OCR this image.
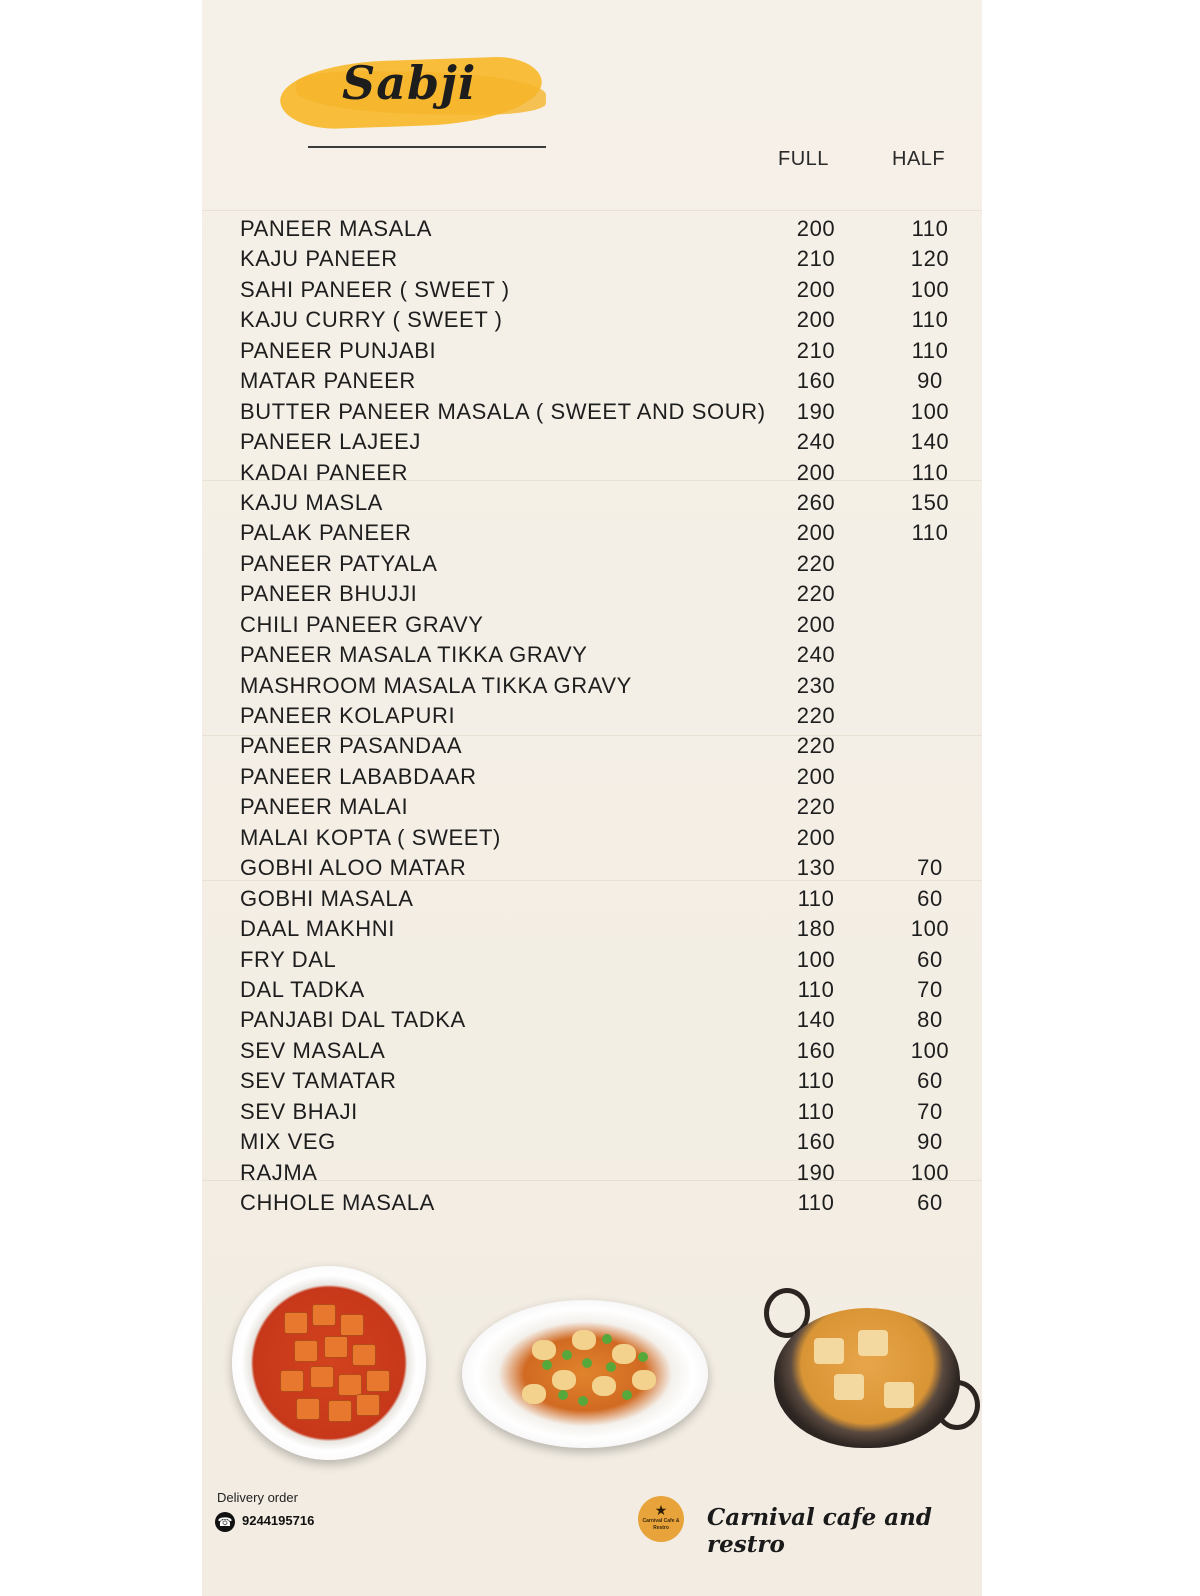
Sabji
FULL	HALF
PANEER MASALA	200	110
KAJU PANEER	210	120
SAHI PANEER ( SWEET )	200	100
KAJU CURRY ( SWEET )	200	110
PANEER PUNJABI	210	110
MATAR PANEER	160	90
BUTTER PANEER MASALA ( SWEET AND SOUR)	190	100
PANEER LAJEEJ	240	140
KADAI PANEER	200	110
KAJU MASLA	260	150
PALAK PANEER	200	110
PANEER PATYALA	220
PANEER BHUJJI	220
CHILI PANEER GRAVY	200
PANEER MASALA TIKKA GRAVY	240
MASHROOM MASALA TIKKA GRAVY	230
PANEER KOLAPURI	220
PANEER PASANDAA	220
PANEER LABABDAAR	200
PANEER MALAI	220
MALAI KOPTA ( SWEET)	200
GOBHI ALOO MATAR	130	70
GOBHI MASALA	110	60
DAAL MAKHNI	180	100
FRY DAL	100	60
DAL TADKA	110	70
PANJABI DAL TADKA	140	80
SEV MASALA	160	100
SEV TAMATAR	110	60
SEV BHAJI	110	70
MIX VEG	160	90
RAJMA	190	100
CHHOLE MASALA	110	60
Delivery order
☎ 9244195716
★
Carnival Cafe & Restro	Carnival cafe and restro
